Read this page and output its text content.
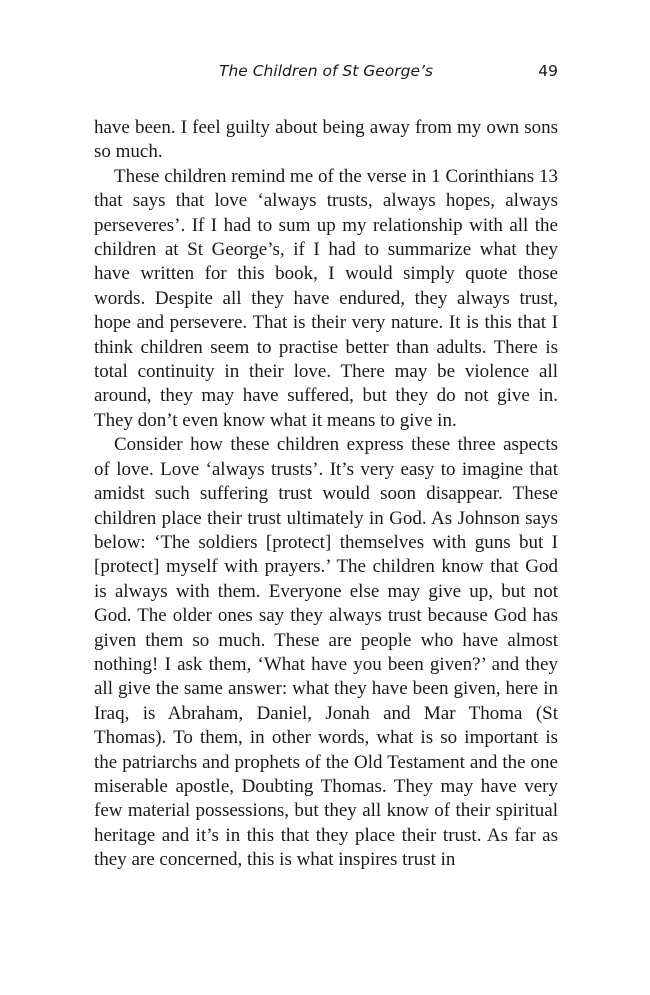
The Children of St George’s	49

have been. I feel guilty about being away from my own sons so much.

These children remind me of the verse in 1 Corinthians 13 that says that love ‘always trusts, always hopes, always perseveres’. If I had to sum up my relationship with all the children at St George’s, if I had to summarize what they have written for this book, I would simply quote those words. Despite all they have endured, they always trust, hope and persevere. That is their very nature. It is this that I think children seem to practise better than adults. There is total continuity in their love. There may be violence all around, they may have suffered, but they do not give in. They don’t even know what it means to give in.

Consider how these children express these three aspects of love. Love ‘always trusts’. It’s very easy to imagine that amidst such suffering trust would soon disappear. These children place their trust ultimately in God. As Johnson says below: ‘The soldiers [protect] themselves with guns but I [protect] myself with prayers.’ The children know that God is always with them. Everyone else may give up, but not God. The older ones say they always trust because God has given them so much. These are people who have almost nothing! I ask them, ‘What have you been given?’ and they all give the same answer: what they have been given, here in Iraq, is Abraham, Daniel, Jonah and Mar Thoma (St Thomas). To them, in other words, what is so important is the patriarchs and prophets of the Old Testament and the one miserable apostle, Doubting Thomas. They may have very few material possessions, but they all know of their spiritual heritage and it’s in this that they place their trust. As far as they are concerned, this is what inspires trust in
